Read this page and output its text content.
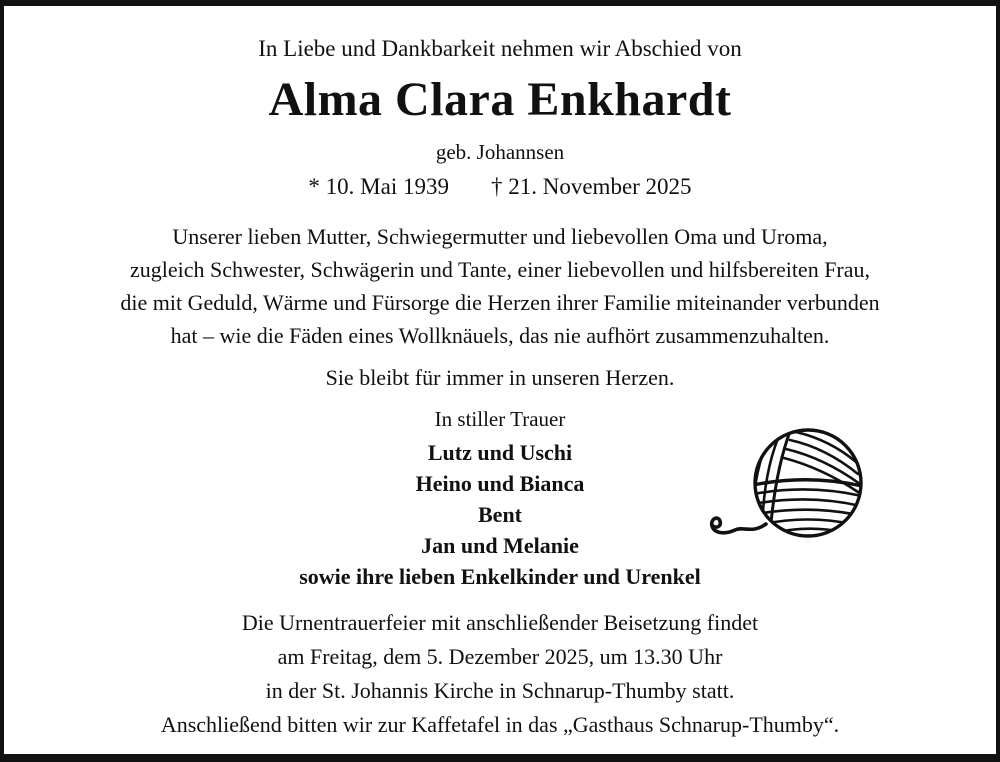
In Liebe und Dankbarkeit nehmen wir Abschied von
Alma Clara Enkhardt
geb. Johannsen
* 10. Mai 1939 † 21. November 2025
Unserer lieben Mutter, Schwiegermutter und liebevollen Oma und Uroma,
zugleich Schwester, Schwägerin und Tante, einer liebevollen und hilfsbereiten Frau,
die mit Geduld, Wärme und Fürsorge die Herzen ihrer Familie miteinander verbunden
hat – wie die Fäden eines Wollknäuels, das nie aufhört zusammenzuhalten.
Sie bleibt für immer in unseren Herzen.
In stiller Trauer
Lutz und Uschi
Heino und Bianca
Bent
Jan und Melanie
sowie ihre lieben Enkelkinder und Urenkel
Die Urnentrauerfeier mit anschließender Beisetzung findet
am Freitag, dem 5. Dezember 2025, um 13.30 Uhr
in der St. Johannis Kirche in Schnarup-Thumby statt.
Anschließend bitten wir zur Kaffetafel in das „Gasthaus Schnarup-Thumby“.
